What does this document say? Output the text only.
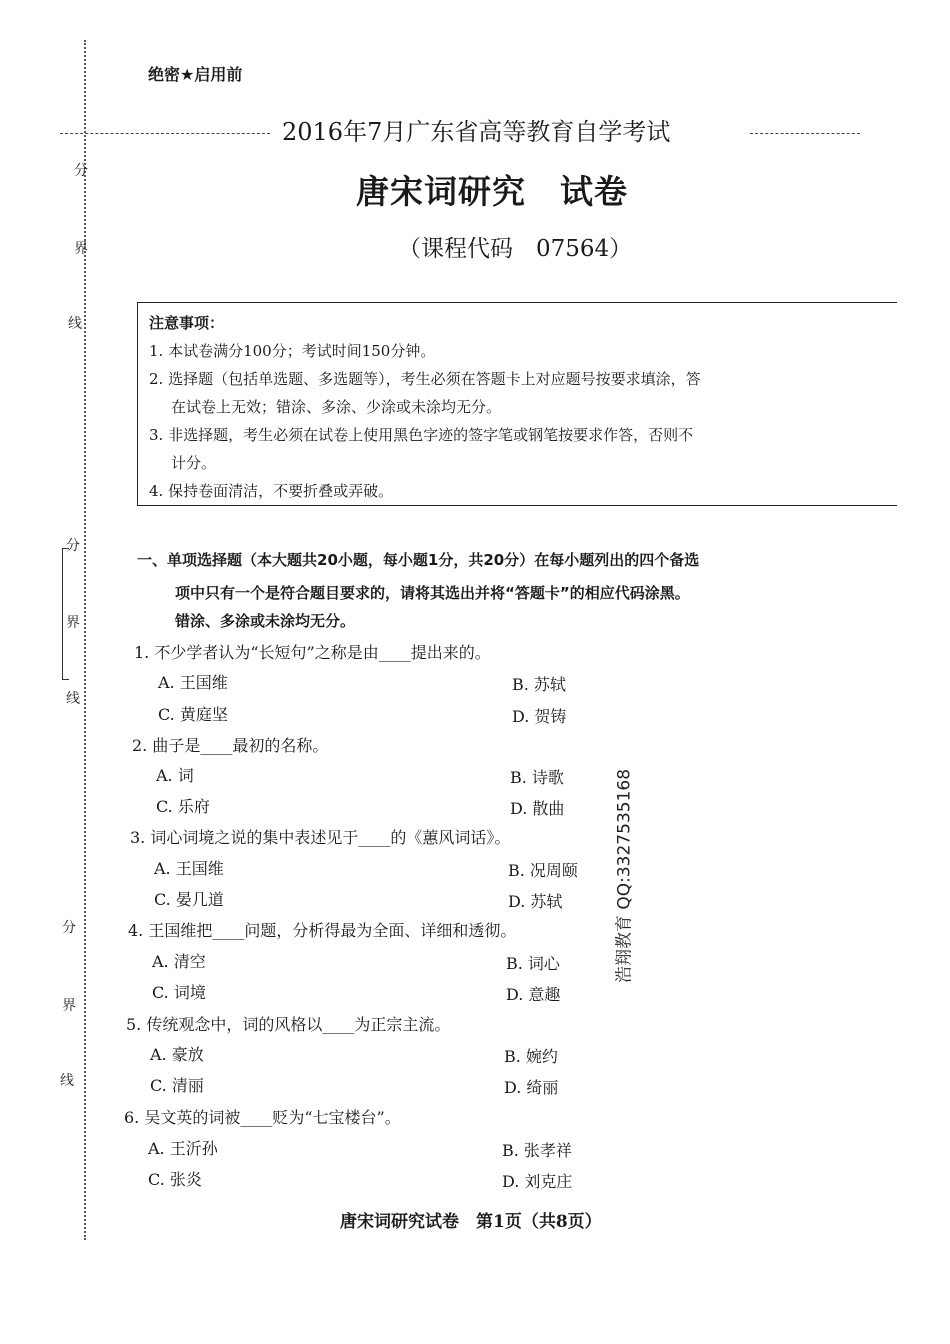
分
界
线
分
界
线
分
界
线
绝密★启用前
2016年7月广东省高等教育自学考试
唐宋词研究　试卷
（课程代码　07564）
注意事项：
1. 本试卷满分100分；考试时间150分钟。
2. 选择题（包括单选题、多选题等），考生必须在答题卡上对应题号按要求填涂，答
在试卷上无效；错涂、多涂、少涂或未涂均无分。
3. 非选择题，考生必须在试卷上使用黑色字迹的签字笔或钢笔按要求作答，否则不
计分。
4. 保持卷面清洁，不要折叠或弄破。
一、单项选择题（本大题共20小题，每小题1分，共20分）在每小题列出的四个备选
项中只有一个是符合题目要求的，请将其选出并将“答题卡”的相应代码涂黑。
错涂、多涂或未涂均无分。
1. 不少学者认为“长短句”之称是由____提出来的。
A. 王国维	B. 苏轼
C. 黄庭坚	D. 贺铸
2. 曲子是____最初的名称。
A. 词	B. 诗歌
C. 乐府	D. 散曲
3. 词心词境之说的集中表述见于____的《蕙风词话》。
A. 王国维	B. 况周颐
C. 晏几道	D. 苏轼
4. 王国维把____问题，分析得最为全面、详细和透彻。
A. 清空	B. 词心
C. 词境	D. 意趣
5. 传统观念中，词的风格以____为正宗主流。
A. 豪放	B. 婉约
C. 清丽	D. 绮丽
6. 吴文英的词被____贬为“七宝楼台”。
A. 王沂孙	B. 张孝祥
C. 张炎	D. 刘克庄
浩翔教育 QQ:3327535168
唐宋词研究试卷　第1页（共8页）
